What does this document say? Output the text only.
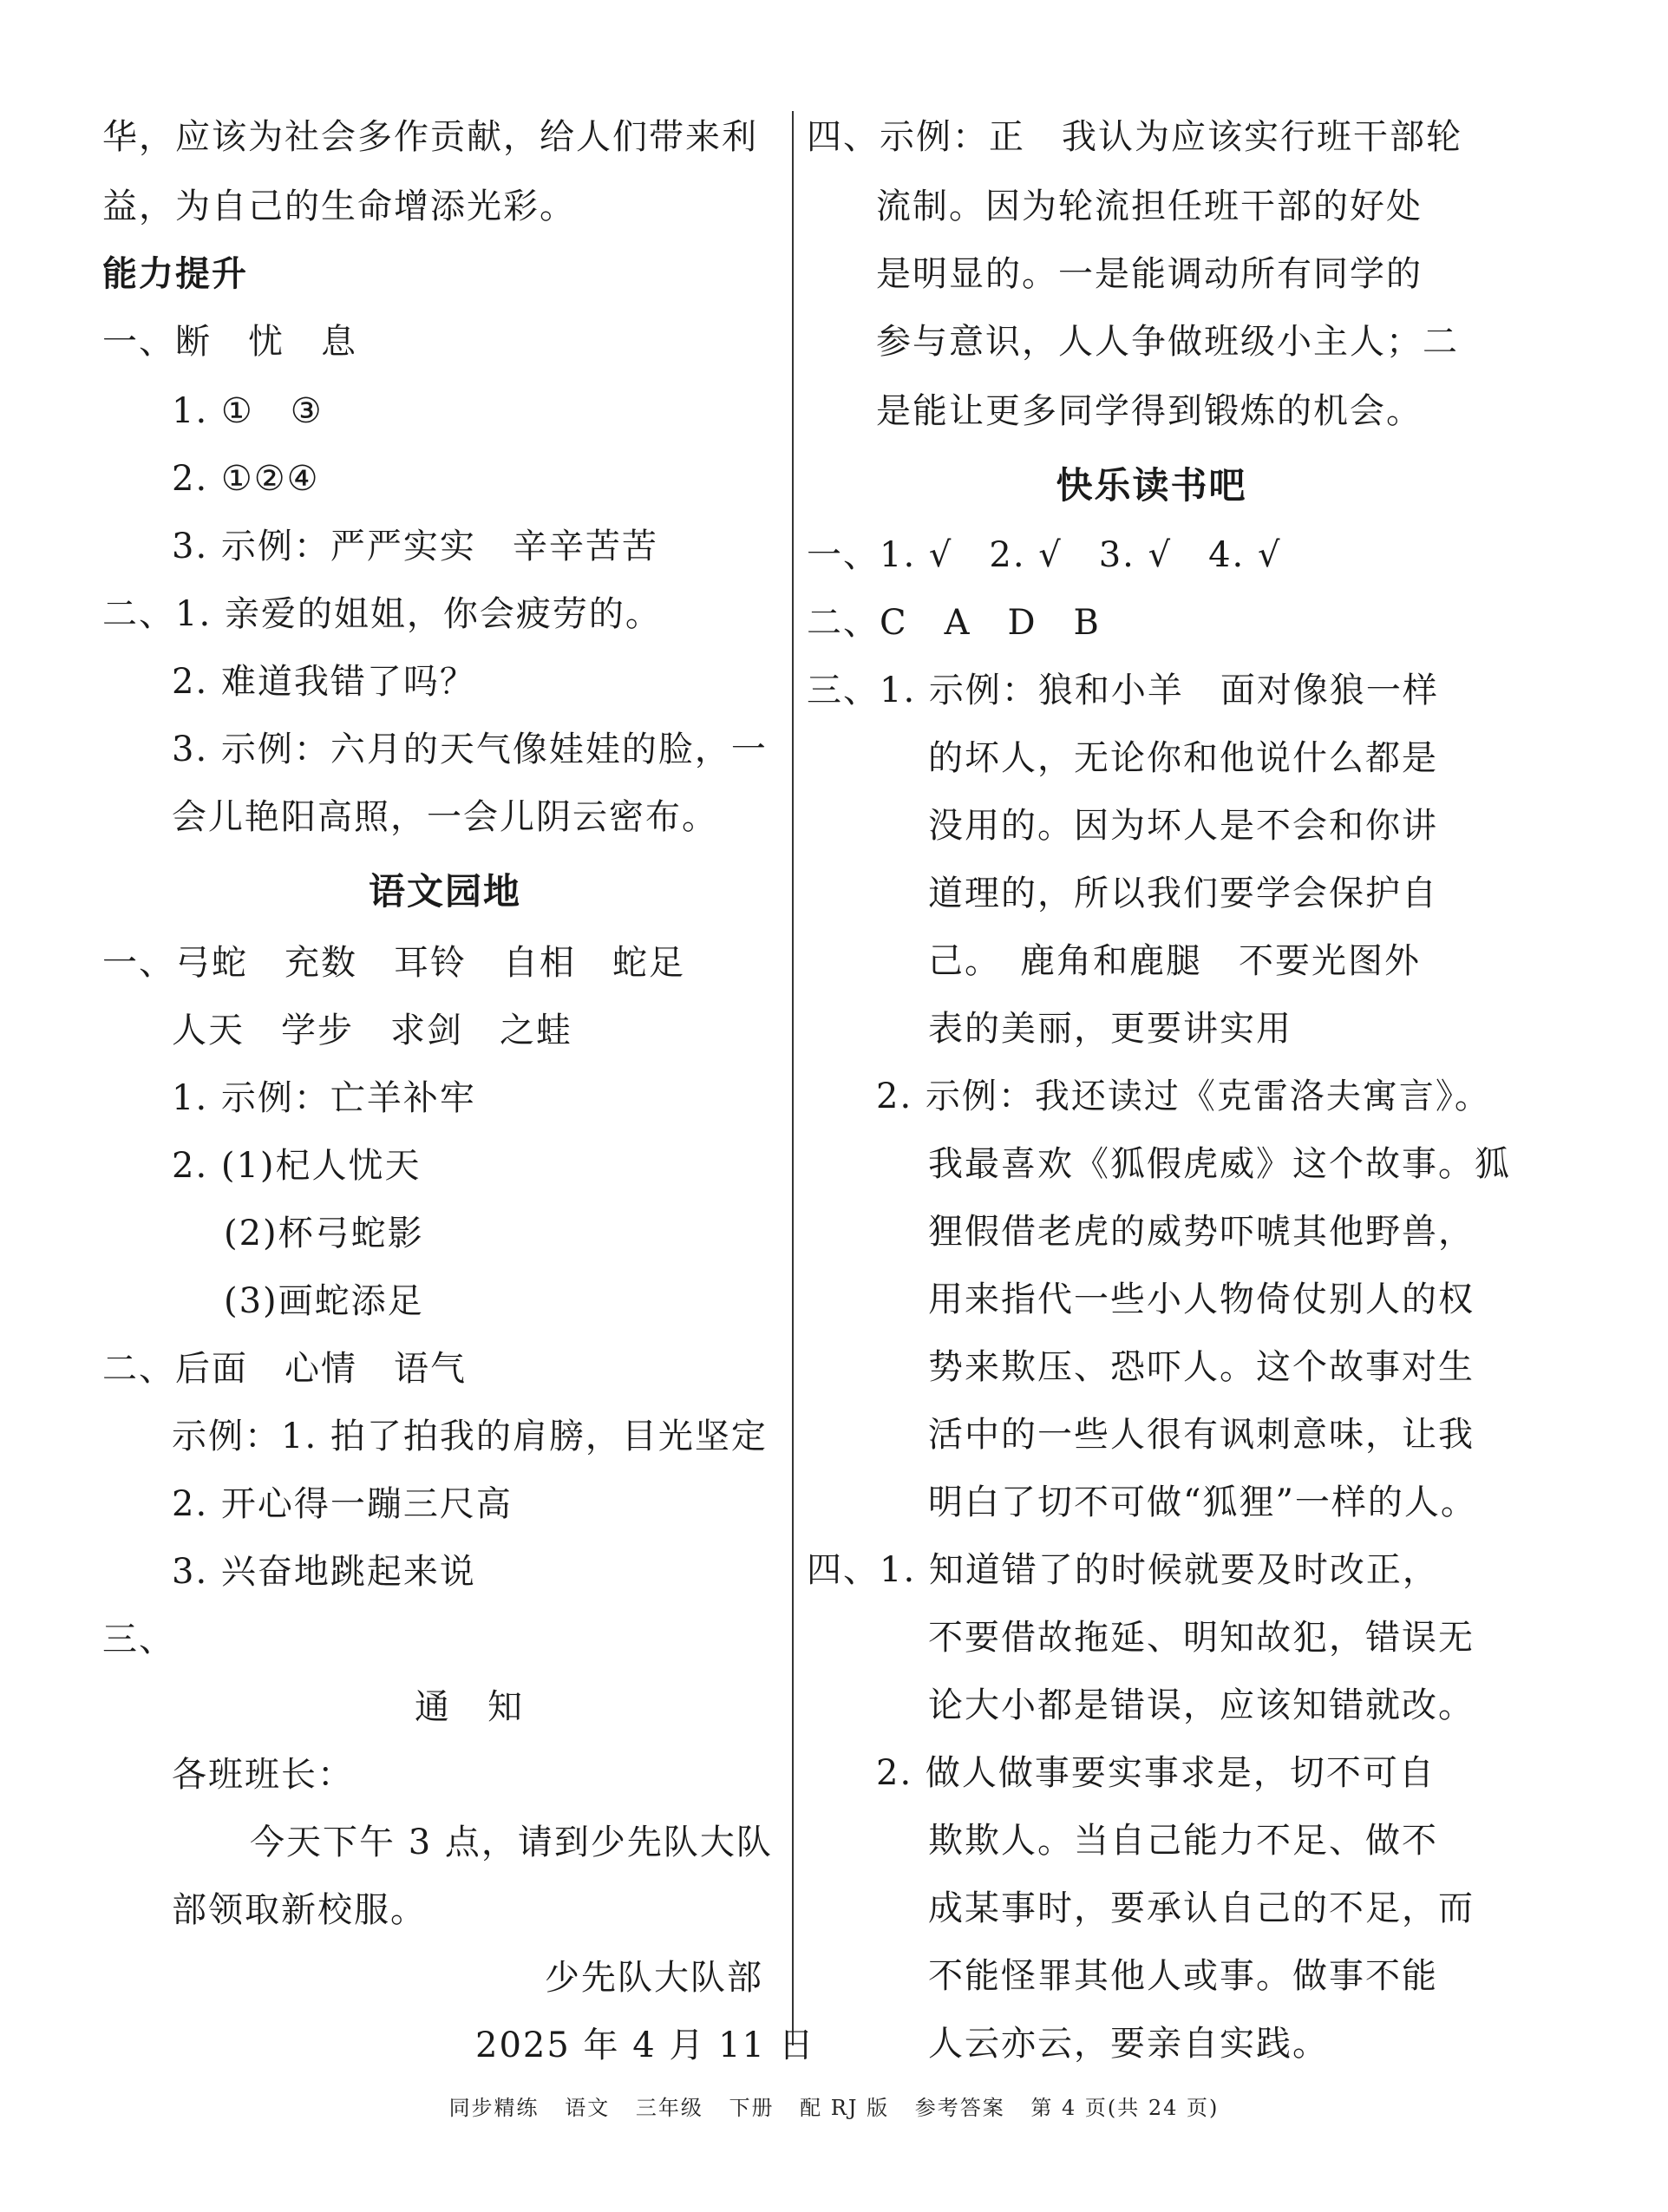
华，应该为社会多作贡献，给人们带来利
益，为自己的生命增添光彩。
能力提升
一、断　忧　息
1. ①　③
2. ①②④
3. 示例：严严实实　辛辛苦苦
二、1. 亲爱的姐姐，你会疲劳的。
2. 难道我错了吗？
3. 示例：六月的天气像娃娃的脸，一
会儿艳阳高照，一会儿阴云密布。
语文园地
一、弓蛇　充数　耳铃　自相　蛇足
人天　学步　求剑　之蛙
1. 示例：亡羊补牢
2. (1)杞人忧天
(2)杯弓蛇影
(3)画蛇添足
二、后面　心情　语气
示例：1. 拍了拍我的肩膀，目光坚定
2. 开心得一蹦三尺高
3. 兴奋地跳起来说
三、
通　知
各班班长：
今天下午 3 点，请到少先队大队
部领取新校服。
少先队大队部
2025 年 4 月 11 日
四、示例：正　我认为应该实行班干部轮
流制。因为轮流担任班干部的好处
是明显的。一是能调动所有同学的
参与意识，人人争做班级小主人；二
是能让更多同学得到锻炼的机会。
快乐读书吧
一、1. √　2. √　3. √　4. √
二、C　A　D　B
三、1. 示例：狼和小羊　面对像狼一样
的坏人，无论你和他说什么都是
没用的。因为坏人是不会和你讲
道理的，所以我们要学会保护自
己。　鹿角和鹿腿　不要光图外
表的美丽，更要讲实用
2. 示例：我还读过《克雷洛夫寓言》。
我最喜欢《狐假虎威》这个故事。狐
狸假借老虎的威势吓唬其他野兽，
用来指代一些小人物倚仗别人的权
势来欺压、恐吓人。这个故事对生
活中的一些人很有讽刺意味，让我
明白了切不可做“狐狸”一样的人。
四、1. 知道错了的时候就要及时改正，
不要借故拖延、明知故犯，错误无
论大小都是错误，应该知错就改。
2. 做人做事要实事求是，切不可自
欺欺人。当自己能力不足、做不
成某事时，要承认自己的不足，而
不能怪罪其他人或事。做事不能
人云亦云，要亲自实践。
同步精练 语文 三年级 下册 配 RJ 版 参考答案 第 4 页(共 24 页)
